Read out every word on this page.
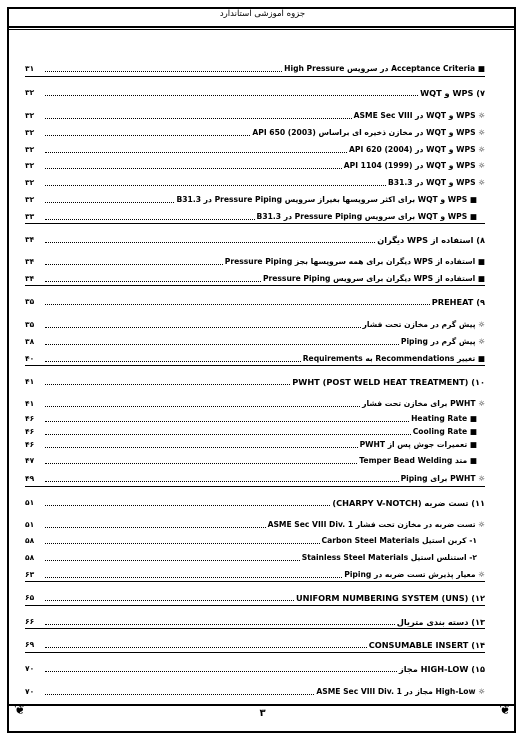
جزوه آموزشی استاندارد
۳۱	■ Acceptance Criteria در سرویس High Pressure
۳۲	۷) WPS و WQT
۳۲	☼ WPS و WQT در ASME Sec VIII
۳۲	☼ WPS و WQT در مخازن ذخیره ای براساس API 650 (2003)
۳۲	☼ WPS و WQT در API 620 (2004)
۳۲	☼ WPS و WQT در API 1104 (1999)
۳۲	☼ WPS و WQT در B31.3
۳۲	■ WPS و WQT برای اکثر سرویسها بغیراز سرویس Pressure Piping در B31.3
۳۳	■ WPS و WQT برای سرویس Pressure Piping در B31.3
۳۴	۸) استفاده از WPS دیگران
۳۴	■ استفاده از WPS دیگران برای همه سرویسها بجز Pressure Piping
۳۴	■ استفاده از WPS دیگران برای سرویس Pressure Piping
۳۵	۹) PREHEAT
۳۵	☼ پیش گرم در مخازن تحت فشار
۳۸	☼ پیش گرم در Piping
۴۰	■ تغییر Recommendations به Requirements
۴۱	۱۰) PWHT (POST WELD HEAT TREATMENT)
۴۱	☼ PWHT برای مخازن تحت فشار
۴۶	■ Heating Rate
۴۶	■ Cooling Rate
۴۶	■ تعمیرات جوش پس از PWHT
۴۷	■ متد Temper Bead Welding
۴۹	☼ PWHT برای Piping
۵۱	۱۱) تست ضربه (CHARPY V-NOTCH)
۵۱	☼ تست ضربه در مخازن تحت فشار ASME Sec VIII Div. 1
۵۸	۱- کربن استیل Carbon Steel Materials
۵۸	۲- استنلس استیل Stainless Steel Materials
۶۳	☼ معیار پذیرش تست ضربه در Piping
۶۵	۱۲) UNIFORM NUMBERING SYSTEM (UNS)
۶۶	۱۳) دسته بندی متریال
۶۹	۱۴) CONSUMABLE INSERT
۷۰	۱۵) HIGH-LOW مجاز
۷۰	☼ High-Low مجاز در ASME Sec VIII Div. 1
۳
❦	❦
